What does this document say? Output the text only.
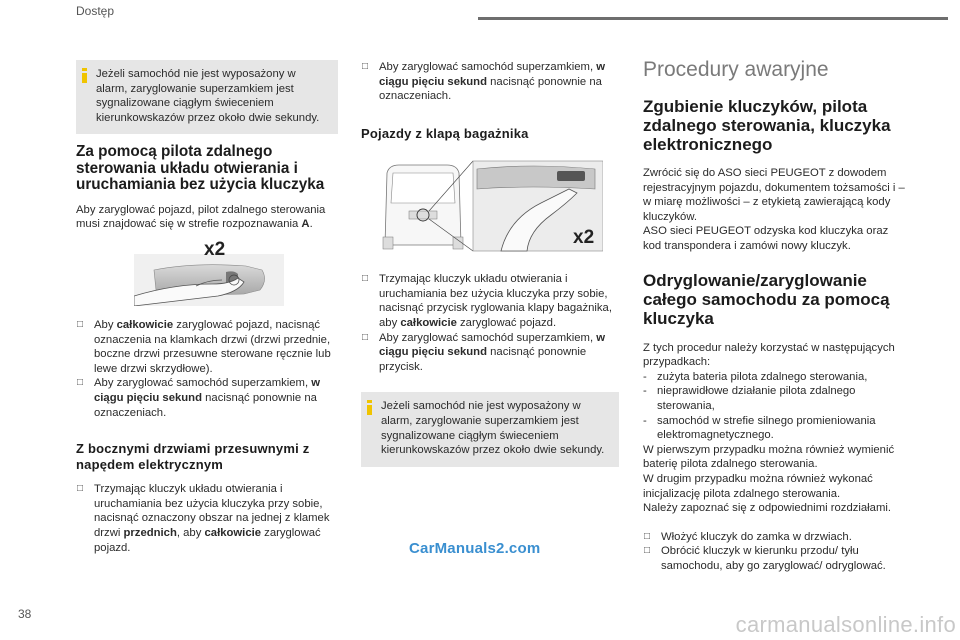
Dostęp
Jeżeli samochód nie jest wyposażony w alarm, zaryglowanie superzamkiem jest sygnalizowane ciągłym świeceniem kierunkowskazów przez około dwie sekundy.
Za pomocą pilota zdalnego sterowania układu otwierania i uruchamiania bez użycia kluczyka

Aby zaryglować pojazd, pilot zdalnego sterowania musi znajdować się w strefie rozpoznawania A.

x2

□ Aby całkowicie zaryglować pojazd, nacisnąć oznaczenia na klamkach drzwi (drzwi przednie, boczne drzwi przesuwne sterowane ręcznie lub lewe drzwi skrzydłowe).

□ Aby zaryglować samochód superzamkiem, w ciągu pięciu sekund nacisnąć ponownie na oznaczeniach.

Z bocznymi drzwiami przesuwnymi z napędem elektrycznym

□ Trzymając kluczyk układu otwierania i uruchamiania bez użycia kluczyka przy sobie, nacisnąć oznaczony obszar na jednej z klamek drzwi przednich, aby całkowicie zaryglować pojazd.

□ Aby zaryglować samochód superzamkiem, w ciągu pięciu sekund nacisnąć ponownie na oznaczeniach.

Pojazdy z klapą bagażnika
x2

□ Trzymając kluczyk układu otwierania i uruchamiania bez użycia kluczyka przy sobie, nacisnąć przycisk ryglowania klapy bagażnika, aby całkowicie zaryglować pojazd.

□ Aby zaryglować samochód superzamkiem, w ciągu pięciu sekund nacisnąć ponownie przycisk.

Jeżeli samochód nie jest wyposażony w alarm, zaryglowanie superzamkiem jest sygnalizowane ciągłym świeceniem kierunkowskazów przez około dwie sekundy.
Procedury awaryjne
Zgubienie kluczyków, pilota zdalnego sterowania, kluczyka elektronicznego

Zwrócić się do ASO sieci PEUGEOT z dowodem rejestracyjnym pojazdu, dokumentem tożsamości i – w miarę możliwości – z etykietą zawierającą kody kluczyków.

ASO sieci PEUGEOT odzyska kod kluczyka oraz kod transpondera i zamówi nowy kluczyk.

Odryglowanie/zaryglowanie całego samochodu za pomocą kluczyka

Z tych procedur należy korzystać w następujących przypadkach:

- zużyta bateria pilota zdalnego sterowania,

- nieprawidłowe działanie pilota zdalnego

sterowania,

- samochód w strefie silnego promieniowania

elektromagnetycznego.

W pierwszym przypadku można również wymienić baterię pilota zdalnego sterowania.

W drugim przypadku można również wykonać inicjalizację pilota zdalnego sterowania.

Należy zapoznać się z odpowiednimi rozdziałami.

□ Włożyć kluczyk do zamka w drzwiach.

□ Obrócić kluczyk w kierunku przodu/ tyłu samochodu, aby go zaryglować/ odryglować.

CarManuals2.com
38	carmanualsonline.info
